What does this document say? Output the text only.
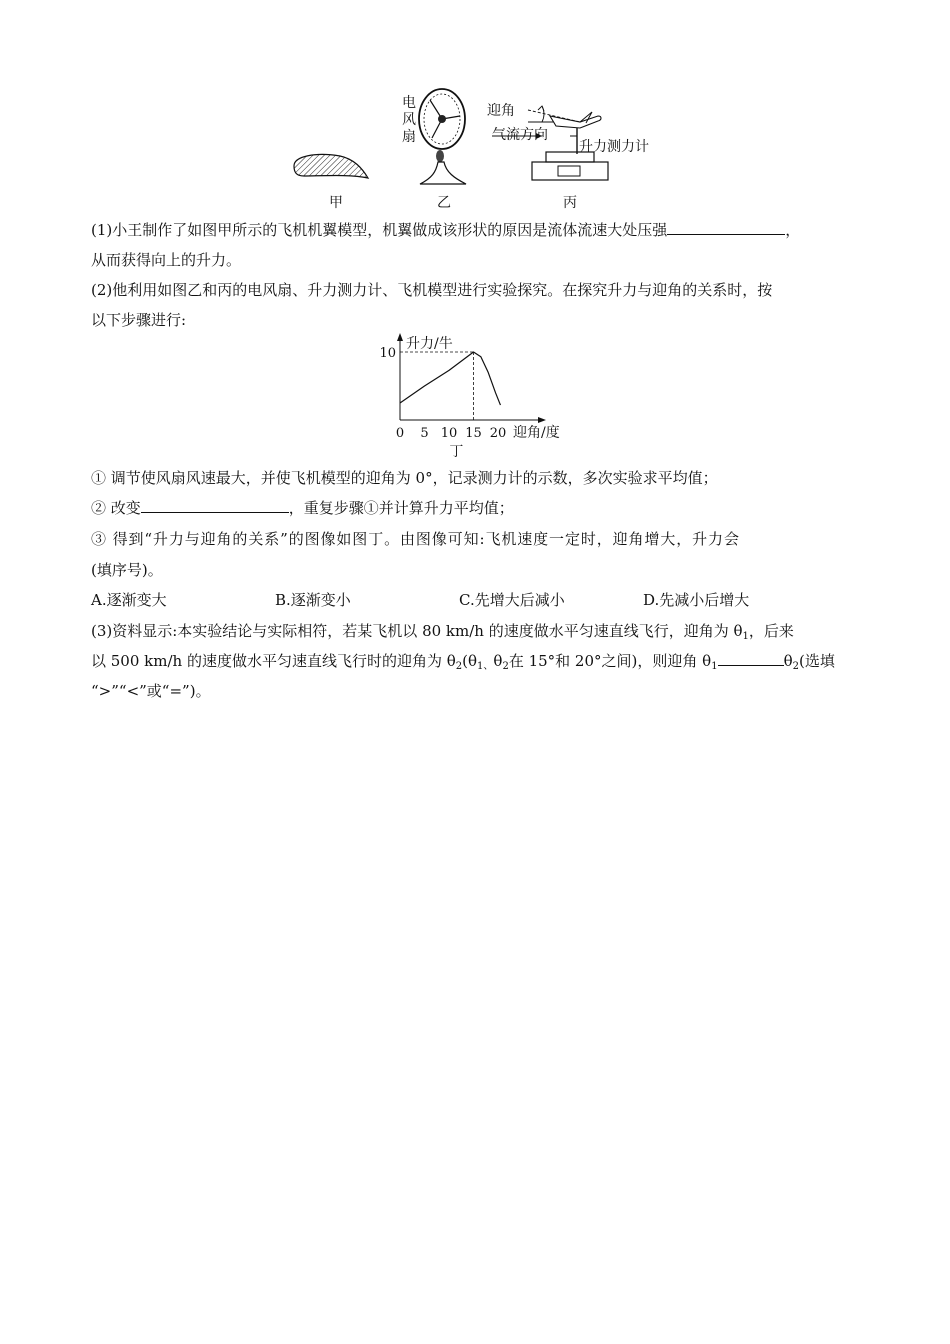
电
风
扇
迎角
气流方向
升力测力计
甲	乙	丙
(1)小王制作了如图甲所示的飞机机翼模型，机翼做成该形状的原因是流体流速大处压强	，
从而获得向上的升力。
(2)他利用如图乙和丙的电风扇、升力测力计、飞机模型进行实验探究。在探究升力与迎角的关系时，按
以下步骤进行:
升力/牛
迎角/度
10
0 5 10 15 20
丁
① 调节使风扇风速最大，并使飞机模型的迎角为 0°，记录测力计的示数，多次实验求平均值；
② 改变	，重复步骤①并计算升力平均值；
③ 得到“升力与迎角的关系”的图像如图丁。由图像可知:飞机速度一定时，迎角增大，升力会
(填序号)。
A.逐渐变大	B.逐渐变小	C.先增大后减小	D.先减小后增大
(3)资料显示:本实验结论与实际相符，若某飞机以 80 km/h 的速度做水平匀速直线飞行，迎角为 $\theta_1$，后来
以 500 km/h 的速度做水平匀速直线飞行时的迎角为 $\theta_2(\theta_{1、}\theta_2$在 15°和 20°之间)，则迎角 $\theta_1$	$\theta_2$(选填
“>”“<”或“=”)。
